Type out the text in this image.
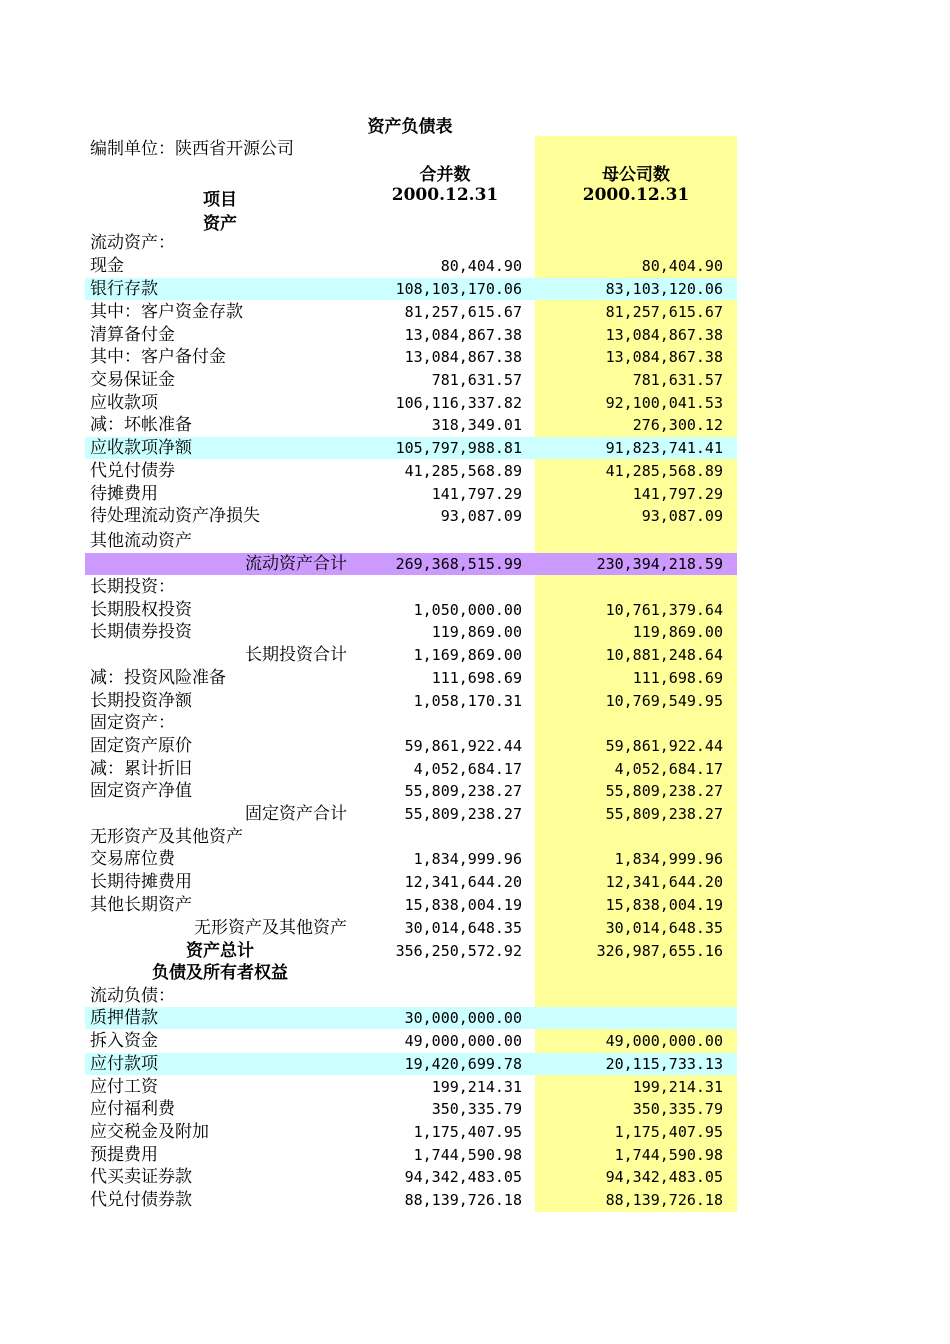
资产负债表
编制单位：陕西省开源公司
合并数	母公司数
项目	2000.12.31	2000.12.31
资产
流动资产：
现金	80,404.90	80,404.90
银行存款	108,103,170.06	83,103,120.06
其中：客户资金存款	81,257,615.67	81,257,615.67
清算备付金	13,084,867.38	13,084,867.38
其中：客户备付金	13,084,867.38	13,084,867.38
交易保证金	781,631.57	781,631.57
应收款项	106,116,337.82	92,100,041.53
减：坏帐准备	318,349.01	276,300.12
应收款项净额	105,797,988.81	91,823,741.41
代兑付债券	41,285,568.89	41,285,568.89
待摊费用	141,797.29	141,797.29
待处理流动资产净损失	93,087.09	93,087.09
其他流动资产
流动资产合计	269,368,515.99	230,394,218.59
长期投资：
长期股权投资	1,050,000.00	10,761,379.64
长期债券投资	119,869.00	119,869.00
长期投资合计	1,169,869.00	10,881,248.64
减：投资风险准备	111,698.69	111,698.69
长期投资净额	1,058,170.31	10,769,549.95
固定资产：
固定资产原价	59,861,922.44	59,861,922.44
减：累计折旧	4,052,684.17	4,052,684.17
固定资产净值	55,809,238.27	55,809,238.27
固定资产合计	55,809,238.27	55,809,238.27
无形资产及其他资产
交易席位费	1,834,999.96	1,834,999.96
长期待摊费用	12,341,644.20	12,341,644.20
其他长期资产	15,838,004.19	15,838,004.19
无形资产及其他资产	30,014,648.35	30,014,648.35
资产总计	356,250,572.92	326,987,655.16
负债及所有者权益
流动负债：
质押借款	30,000,000.00
拆入资金	49,000,000.00	49,000,000.00
应付款项	19,420,699.78	20,115,733.13
应付工资	199,214.31	199,214.31
应付福利费	350,335.79	350,335.79
应交税金及附加	1,175,407.95	1,175,407.95
预提费用	1,744,590.98	1,744,590.98
代买卖证券款	94,342,483.05	94,342,483.05
代兑付债券款	88,139,726.18	88,139,726.18
